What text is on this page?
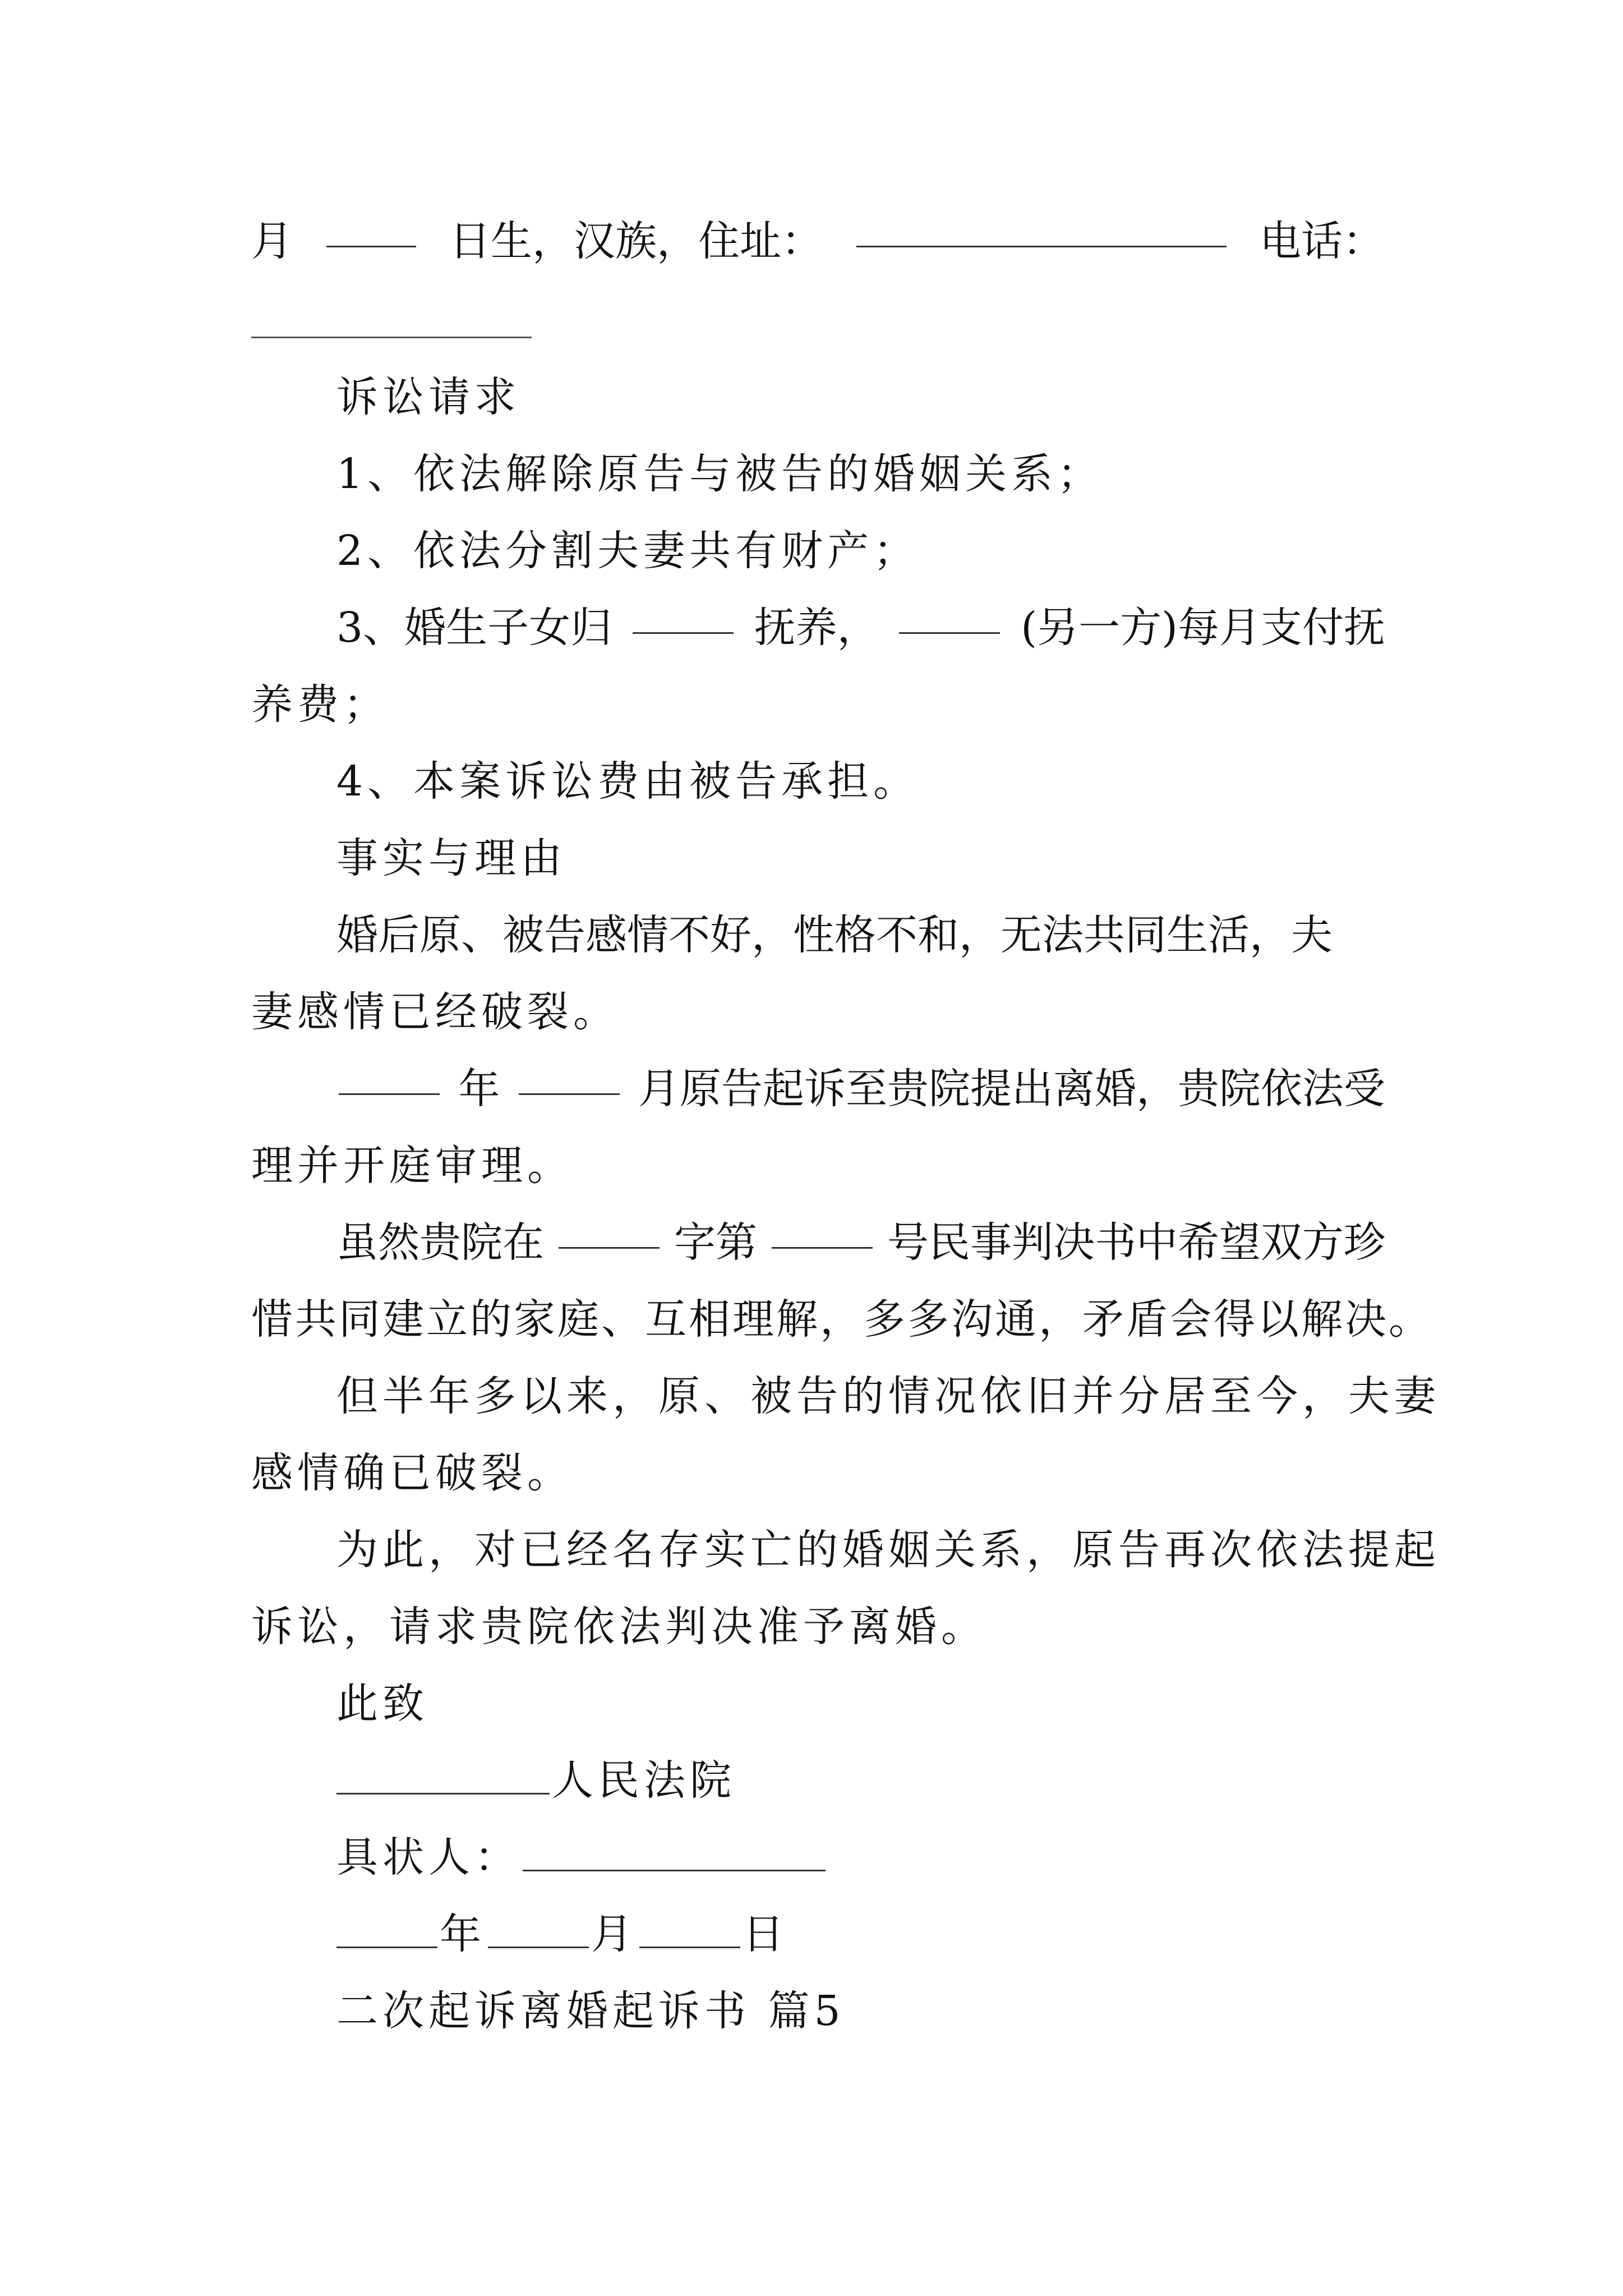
月	日生，汉族，住址：	电话：
诉讼请求
1、依法解除原告与被告的婚姻关系；
2、依法分割夫妻共有财产；
3、婚生子女归	抚养，	(另一方)每月支付抚
养费；
4、本案诉讼费由被告承担。
事实与理由
婚后原、被告感情不好，性格不和，无法共同生活，夫
妻感情已经破裂。
年	月原告起诉至贵院提出离婚，贵院依法受
理并开庭审理。
虽然贵院在	字第	号民事判决书中希望双方珍
惜共同建立的家庭、互相理解，多多沟通，矛盾会得以解决。
但半年多以来，原、被告的情况依旧并分居至今，夫妻
感情确已破裂。
为此，对已经名存实亡的婚姻关系，原告再次依法提起
诉讼，请求贵院依法判决准予离婚。
此致
人民法院
具状人：
年	月	日
二次起诉离婚起诉书 篇5
